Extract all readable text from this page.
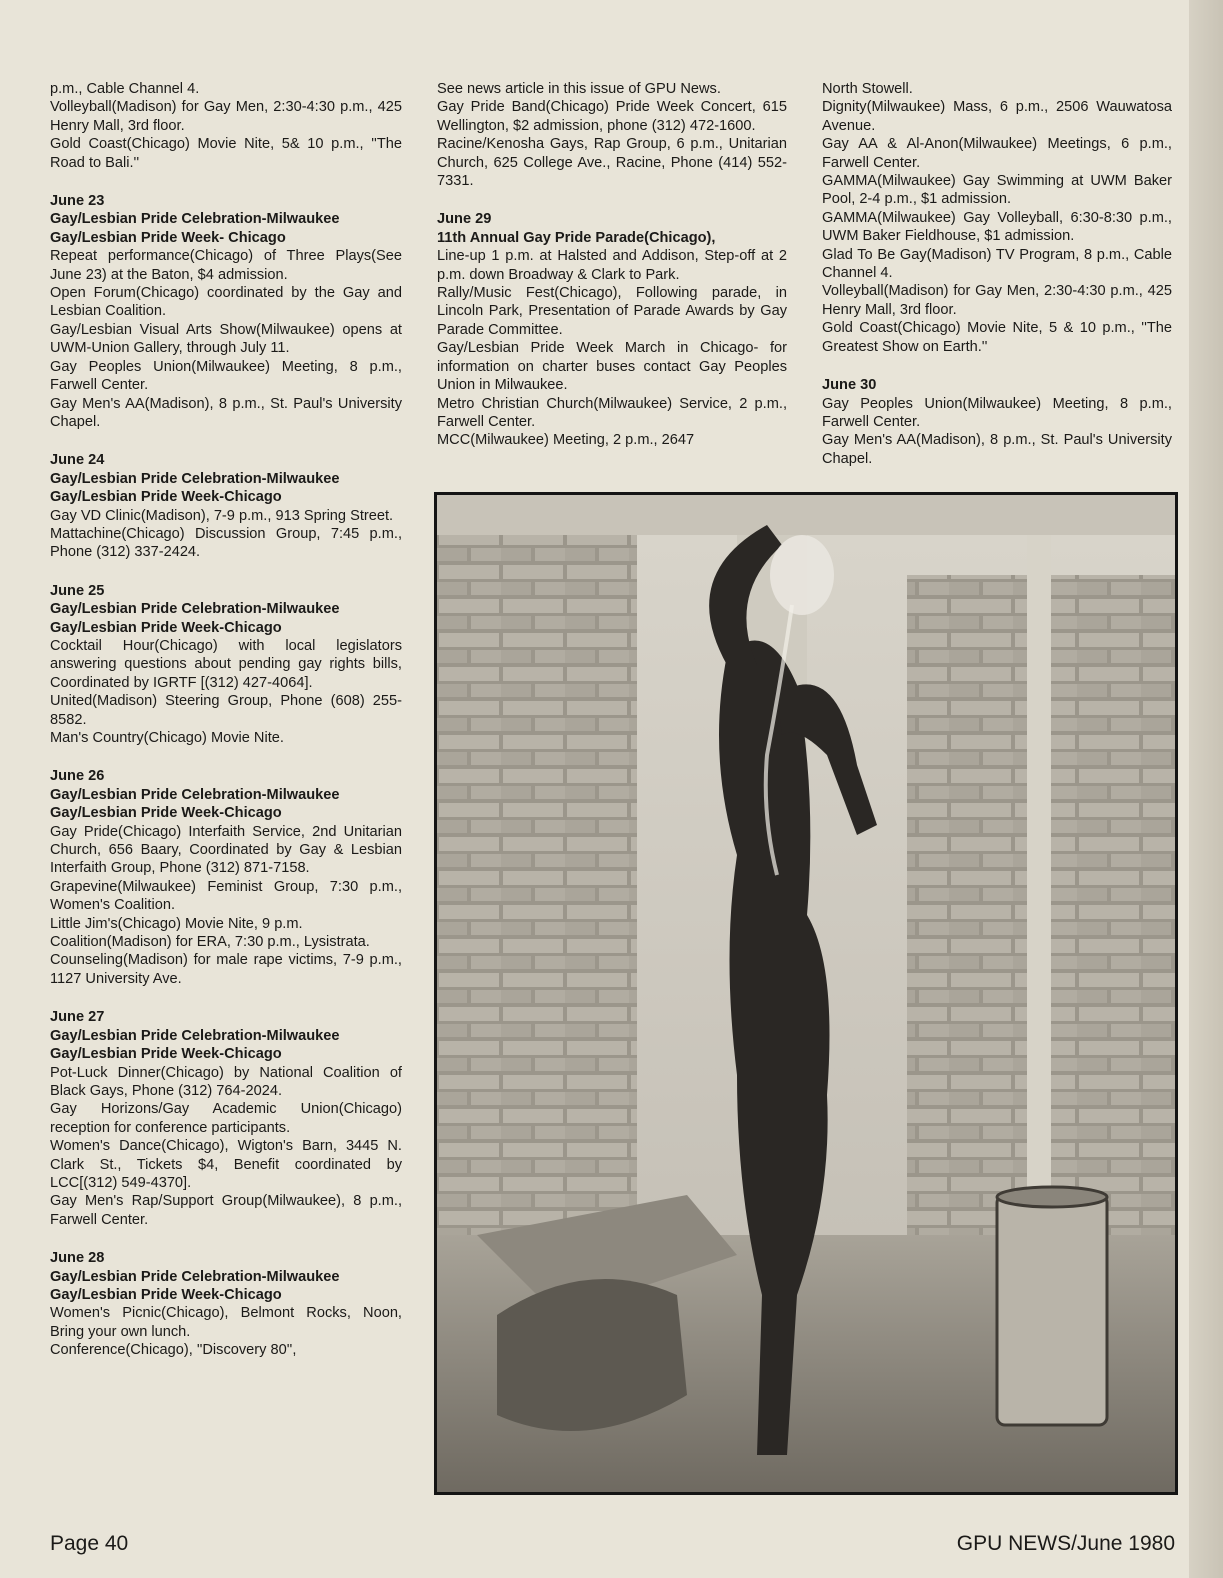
p.m., Cable Channel 4.

Volleyball(Madison) for Gay Men, 2:30-4:30 p.m., 425 Henry Mall, 3rd floor.

Gold Coast(Chicago) Movie Nite, 5& 10 p.m., ''The Road to Bali.''

June 23

Gay/Lesbian Pride Celebration-Milwaukee

Gay/Lesbian Pride Week- Chicago

Repeat performance(Chicago) of Three Plays(See June 23) at the Baton, $4 admission.

Open Forum(Chicago) coordinated by the Gay and Lesbian Coalition.

Gay/Lesbian Visual Arts Show(Milwaukee) opens at UWM-Union Gallery, through July 11.

Gay Peoples Union(Milwaukee) Meeting, 8 p.m., Farwell Center.

Gay Men's AA(Madison), 8 p.m., St. Paul's University Chapel.

June 24

Gay/Lesbian Pride Celebration-Milwaukee

Gay/Lesbian Pride Week-Chicago

Gay VD Clinic(Madison), 7-9 p.m., 913 Spring Street.

Mattachine(Chicago) Discussion Group, 7:45 p.m., Phone (312) 337-2424.

June 25

Gay/Lesbian Pride Celebration-Milwaukee

Gay/Lesbian Pride Week-Chicago

Cocktail Hour(Chicago) with local legislators answering questions about pending gay rights bills, Coordinated by IGRTF [(312) 427-4064].

United(Madison) Steering Group, Phone (608) 255-8582.

Man's Country(Chicago) Movie Nite.

June 26

Gay/Lesbian Pride Celebration-Milwaukee

Gay/Lesbian Pride Week-Chicago

Gay Pride(Chicago) Interfaith Service, 2nd Unitarian Church, 656 Baary, Coordinated by Gay & Lesbian Interfaith Group, Phone (312) 871-7158.

Grapevine(Milwaukee) Feminist Group, 7:30 p.m., Women's Coalition.

Little Jim's(Chicago) Movie Nite, 9 p.m.

Coalition(Madison) for ERA, 7:30 p.m., Lysistrata.

Counseling(Madison) for male rape victims, 7-9 p.m., 1127 University Ave.

June 27

Gay/Lesbian Pride Celebration-Milwaukee

Gay/Lesbian Pride Week-Chicago

Pot-Luck Dinner(Chicago) by National Coalition of Black Gays, Phone (312) 764-2024.

Gay Horizons/Gay Academic Union(Chicago) reception for conference participants.

Women's Dance(Chicago), Wigton's Barn, 3445 N. Clark St., Tickets $4, Benefit coordinated by LCC[(312) 549-4370].

Gay Men's Rap/Support Group(Milwaukee), 8 p.m., Farwell Center.

June 28

Gay/Lesbian Pride Celebration-Milwaukee

Gay/Lesbian Pride Week-Chicago

Women's Picnic(Chicago), Belmont Rocks, Noon, Bring your own lunch.

Conference(Chicago), ''Discovery 80'',

See news article in this issue of GPU News.

Gay Pride Band(Chicago) Pride Week Concert, 615 Wellington, $2 admission, phone (312) 472-1600.

Racine/Kenosha Gays, Rap Group, 6 p.m., Unitarian Church, 625 College Ave., Racine, Phone (414) 552-7331.

June 29

11th Annual Gay Pride Parade(Chicago),

Line-up 1 p.m. at Halsted and Addison, Step-off at 2 p.m. down Broadway & Clark to Park.

Rally/Music Fest(Chicago), Following parade, in Lincoln Park, Presentation of Parade Awards by Gay Parade Committee.

Gay/Lesbian Pride Week March in Chicago- for information on charter buses contact Gay Peoples Union in Milwaukee.

Metro Christian Church(Milwaukee) Service, 2 p.m., Farwell Center.

MCC(Milwaukee) Meeting, 2 p.m., 2647

North Stowell.

Dignity(Milwaukee) Mass, 6 p.m., 2506 Wauwatosa Avenue.

Gay AA & Al-Anon(Milwaukee) Meetings, 6 p.m., Farwell Center.

GAMMA(Milwaukee) Gay Swimming at UWM Baker Pool, 2-4 p.m., $1 admission.

GAMMA(Milwaukee) Gay Volleyball, 6:30-8:30 p.m., UWM Baker Fieldhouse, $1 admission.

Glad To Be Gay(Madison) TV Program, 8 p.m., Cable Channel 4.

Volleyball(Madison) for Gay Men, 2:30-4:30 p.m., 425 Henry Mall, 3rd floor.

Gold Coast(Chicago) Movie Nite, 5 & 10 p.m., ''The Greatest Show on Earth.''

June 30

Gay Peoples Union(Milwaukee) Meeting, 8 p.m., Farwell Center.

Gay Men's AA(Madison), 8 p.m., St. Paul's University Chapel.

Page 40	GPU NEWS/June 1980
